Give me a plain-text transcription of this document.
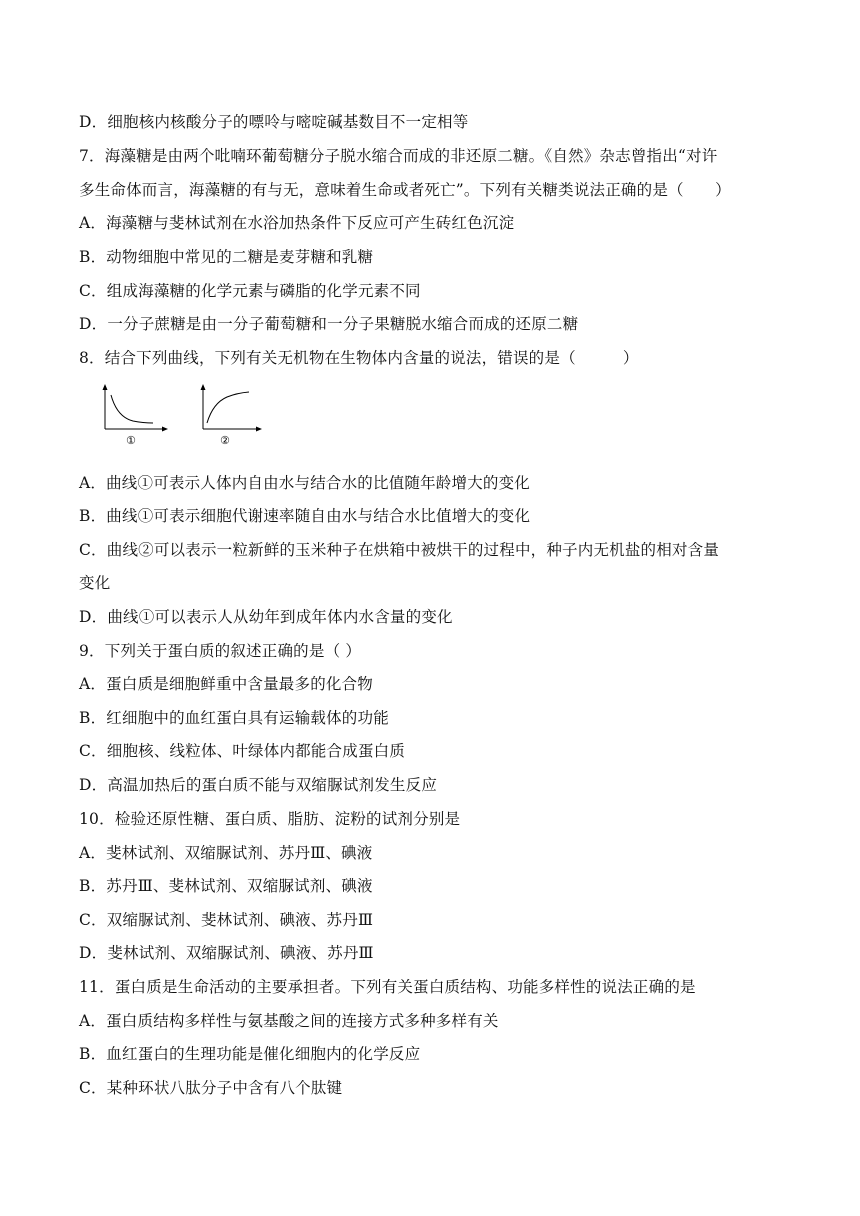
D．细胞核内核酸分子的嘌呤与嘧啶碱基数目不一定相等
7．海藻糖是由两个吡喃环葡萄糖分子脱水缩合而成的非还原二糖。《自然》杂志曾指出“对许
多生命体而言，海藻糖的有与无，意味着生命或者死亡”。下列有关糖类说法正确的是（　　）
A．海藻糖与斐林试剂在水浴加热条件下反应可产生砖红色沉淀
B．动物细胞中常见的二糖是麦芽糖和乳糖
C．组成海藻糖的化学元素与磷脂的化学元素不同
D．一分子蔗糖是由一分子葡萄糖和一分子果糖脱水缩合而成的还原二糖
8．结合下列曲线，下列有关无机物在生物体内含量的说法，错误的是（　　　）
①	②
A．曲线①可表示人体内自由水与结合水的比值随年龄增大的变化
B．曲线①可表示细胞代谢速率随自由水与结合水比值增大的变化
C．曲线②可以表示一粒新鲜的玉米种子在烘箱中被烘干的过程中，种子内无机盐的相对含量
变化
D．曲线①可以表示人从幼年到成年体内水含量的变化
9．下列关于蛋白质的叙述正确的是（ ）
A．蛋白质是细胞鲜重中含量最多的化合物
B．红细胞中的血红蛋白具有运输载体的功能
C．细胞核、线粒体、叶绿体内都能合成蛋白质
D．高温加热后的蛋白质不能与双缩脲试剂发生反应
10．检验还原性糖、蛋白质、脂肪、淀粉的试剂分别是
A．斐林试剂、双缩脲试剂、苏丹Ⅲ、碘液
B．苏丹Ⅲ、斐林试剂、双缩脲试剂、碘液
C．双缩脲试剂、斐林试剂、碘液、苏丹Ⅲ
D．斐林试剂、双缩脲试剂、碘液、苏丹Ⅲ
11．蛋白质是生命活动的主要承担者。下列有关蛋白质结构、功能多样性的说法正确的是
A．蛋白质结构多样性与氨基酸之间的连接方式多种多样有关
B．血红蛋白的生理功能是催化细胞内的化学反应
C．某种环状八肽分子中含有八个肽键
